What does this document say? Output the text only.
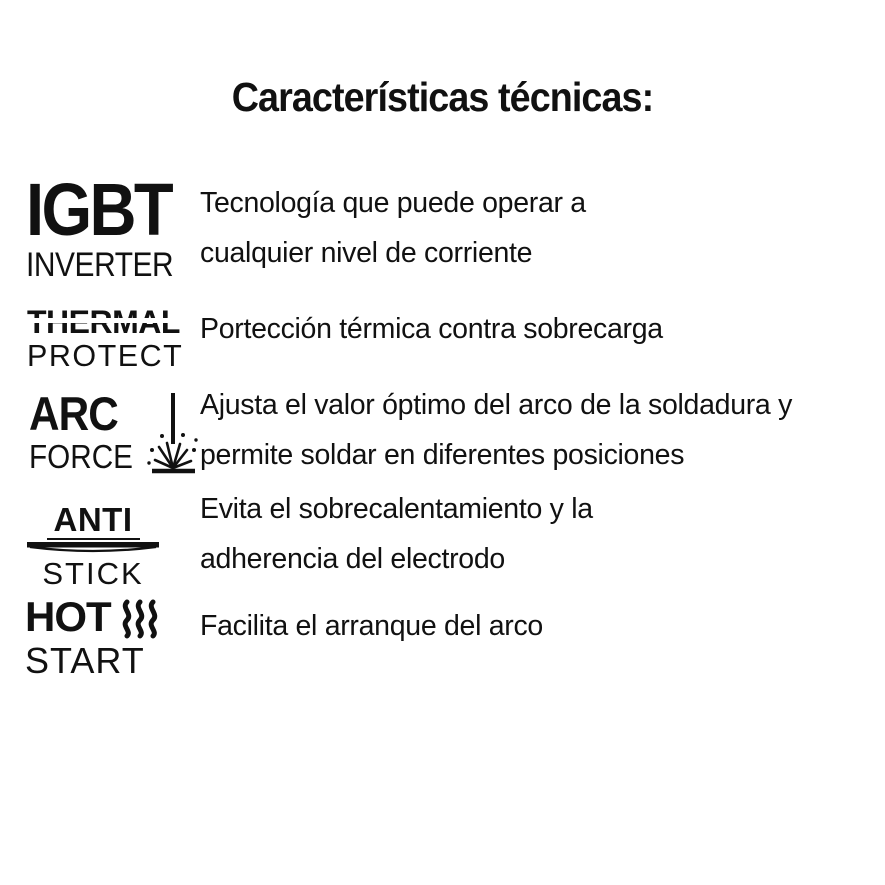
Características técnicas:
IGBT
INVERTER
Tecnología que puede operar a
cualquier nivel de corriente
PROTECT
Portección térmica contra sobrecarga
ARC
FORCE
Ajusta el valor óptimo del arco de la soldadura y
permite soldar en diferentes posiciones
ANTI
STICK
Evita el sobrecalentamiento y la
adherencia del electrodo
HOT
START
Facilita el arranque del arco
